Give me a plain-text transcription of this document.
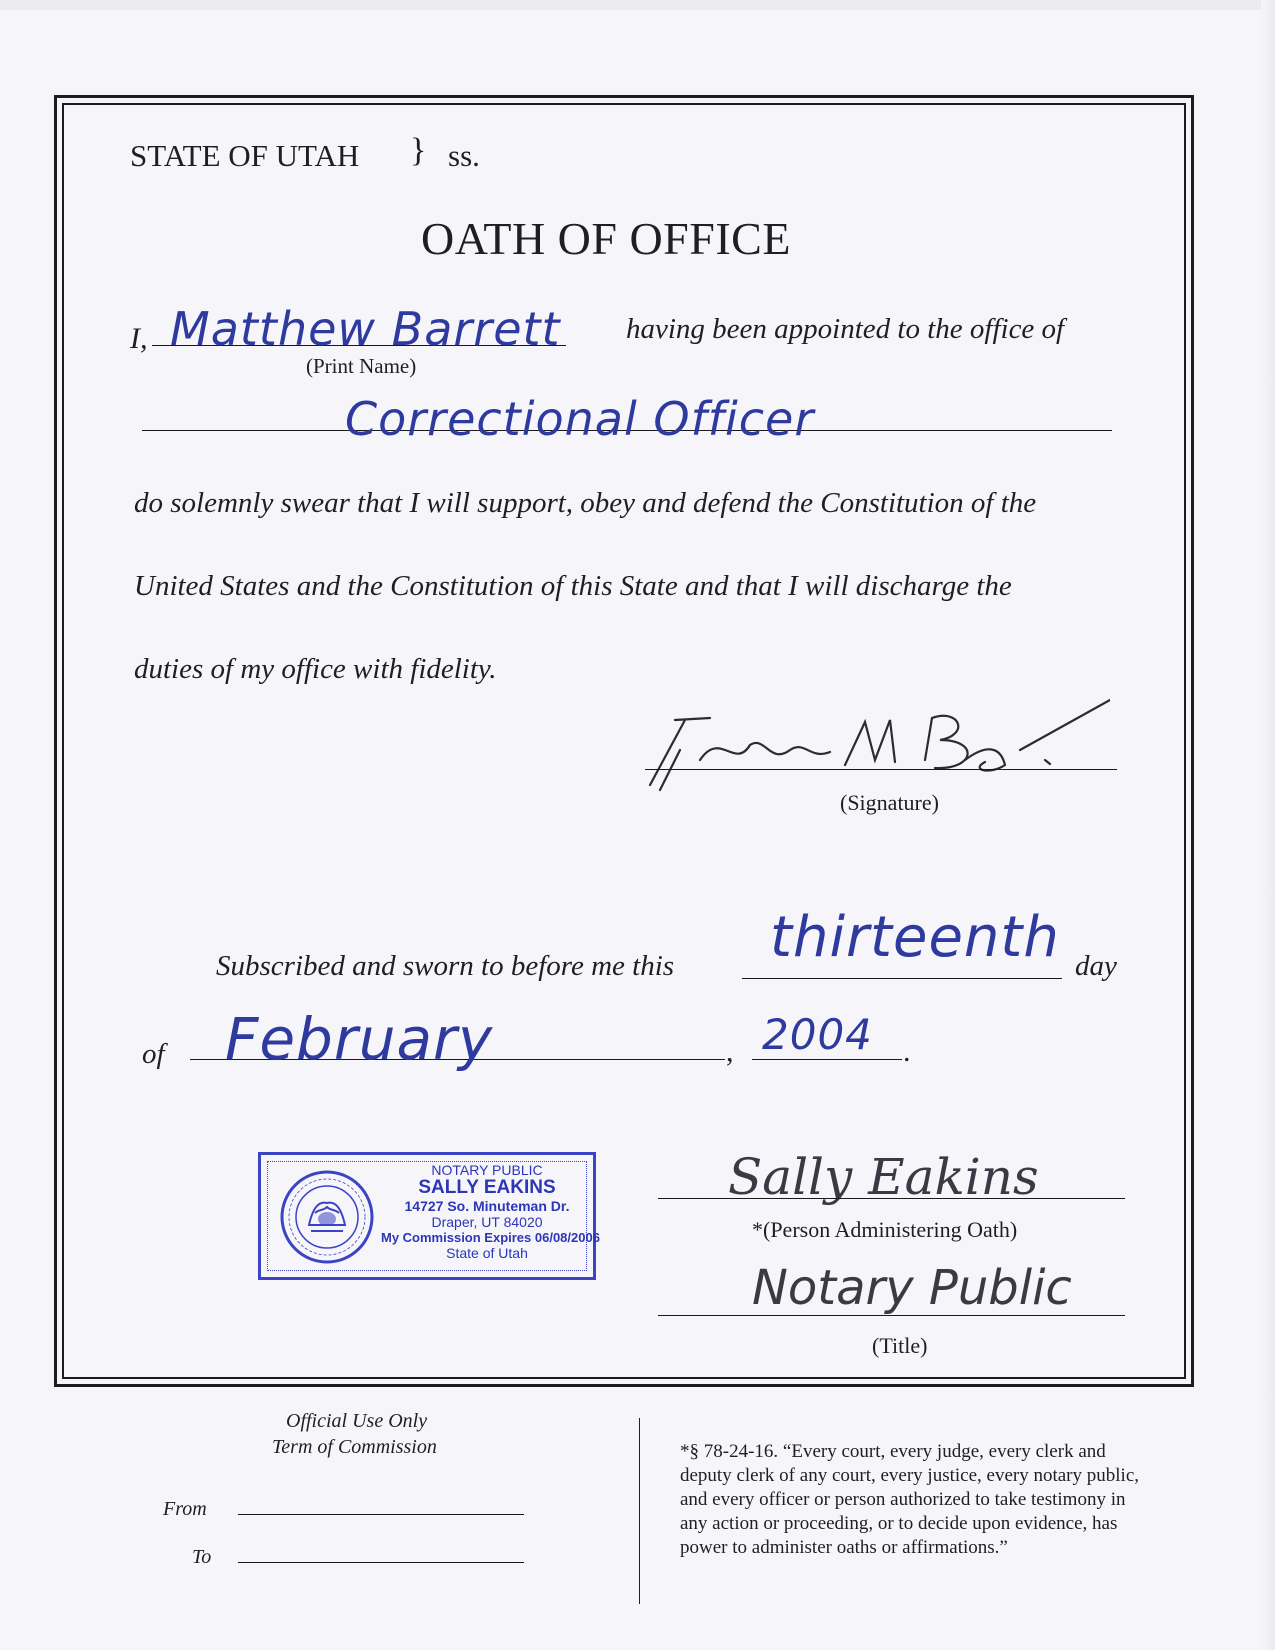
STATE OF UTAH } ss.
OATH OF OFFICE
I, Matthew Barrett having been appointed to the office of
(Print Name)
Correctional Officer
do solemnly swear that I will support, obey and defend the Constitution of the
United States and the Constitution of this State and that I will discharge the
duties of my office with fidelity.
(Signature)
Subscribed and sworn to before me this thirteenth day
of February	, 2004 .
NOTARY PUBLIC
SALLY EAKINS
14727 So. Minuteman Dr.
Draper, UT 84020
My Commission Expires 06/08/2006
State of Utah
Sally Eakins
*(Person Administering Oath)
Notary Public
(Title)
Official Use Only
Term of Commission
From
To
*§ 78-24-16. “Every court, every judge, every clerk and
deputy clerk of any court, every justice, every notary public,
and every officer or person authorized to take testimony in
any action or proceeding, or to decide upon evidence, has
power to administer oaths or affirmations.”
